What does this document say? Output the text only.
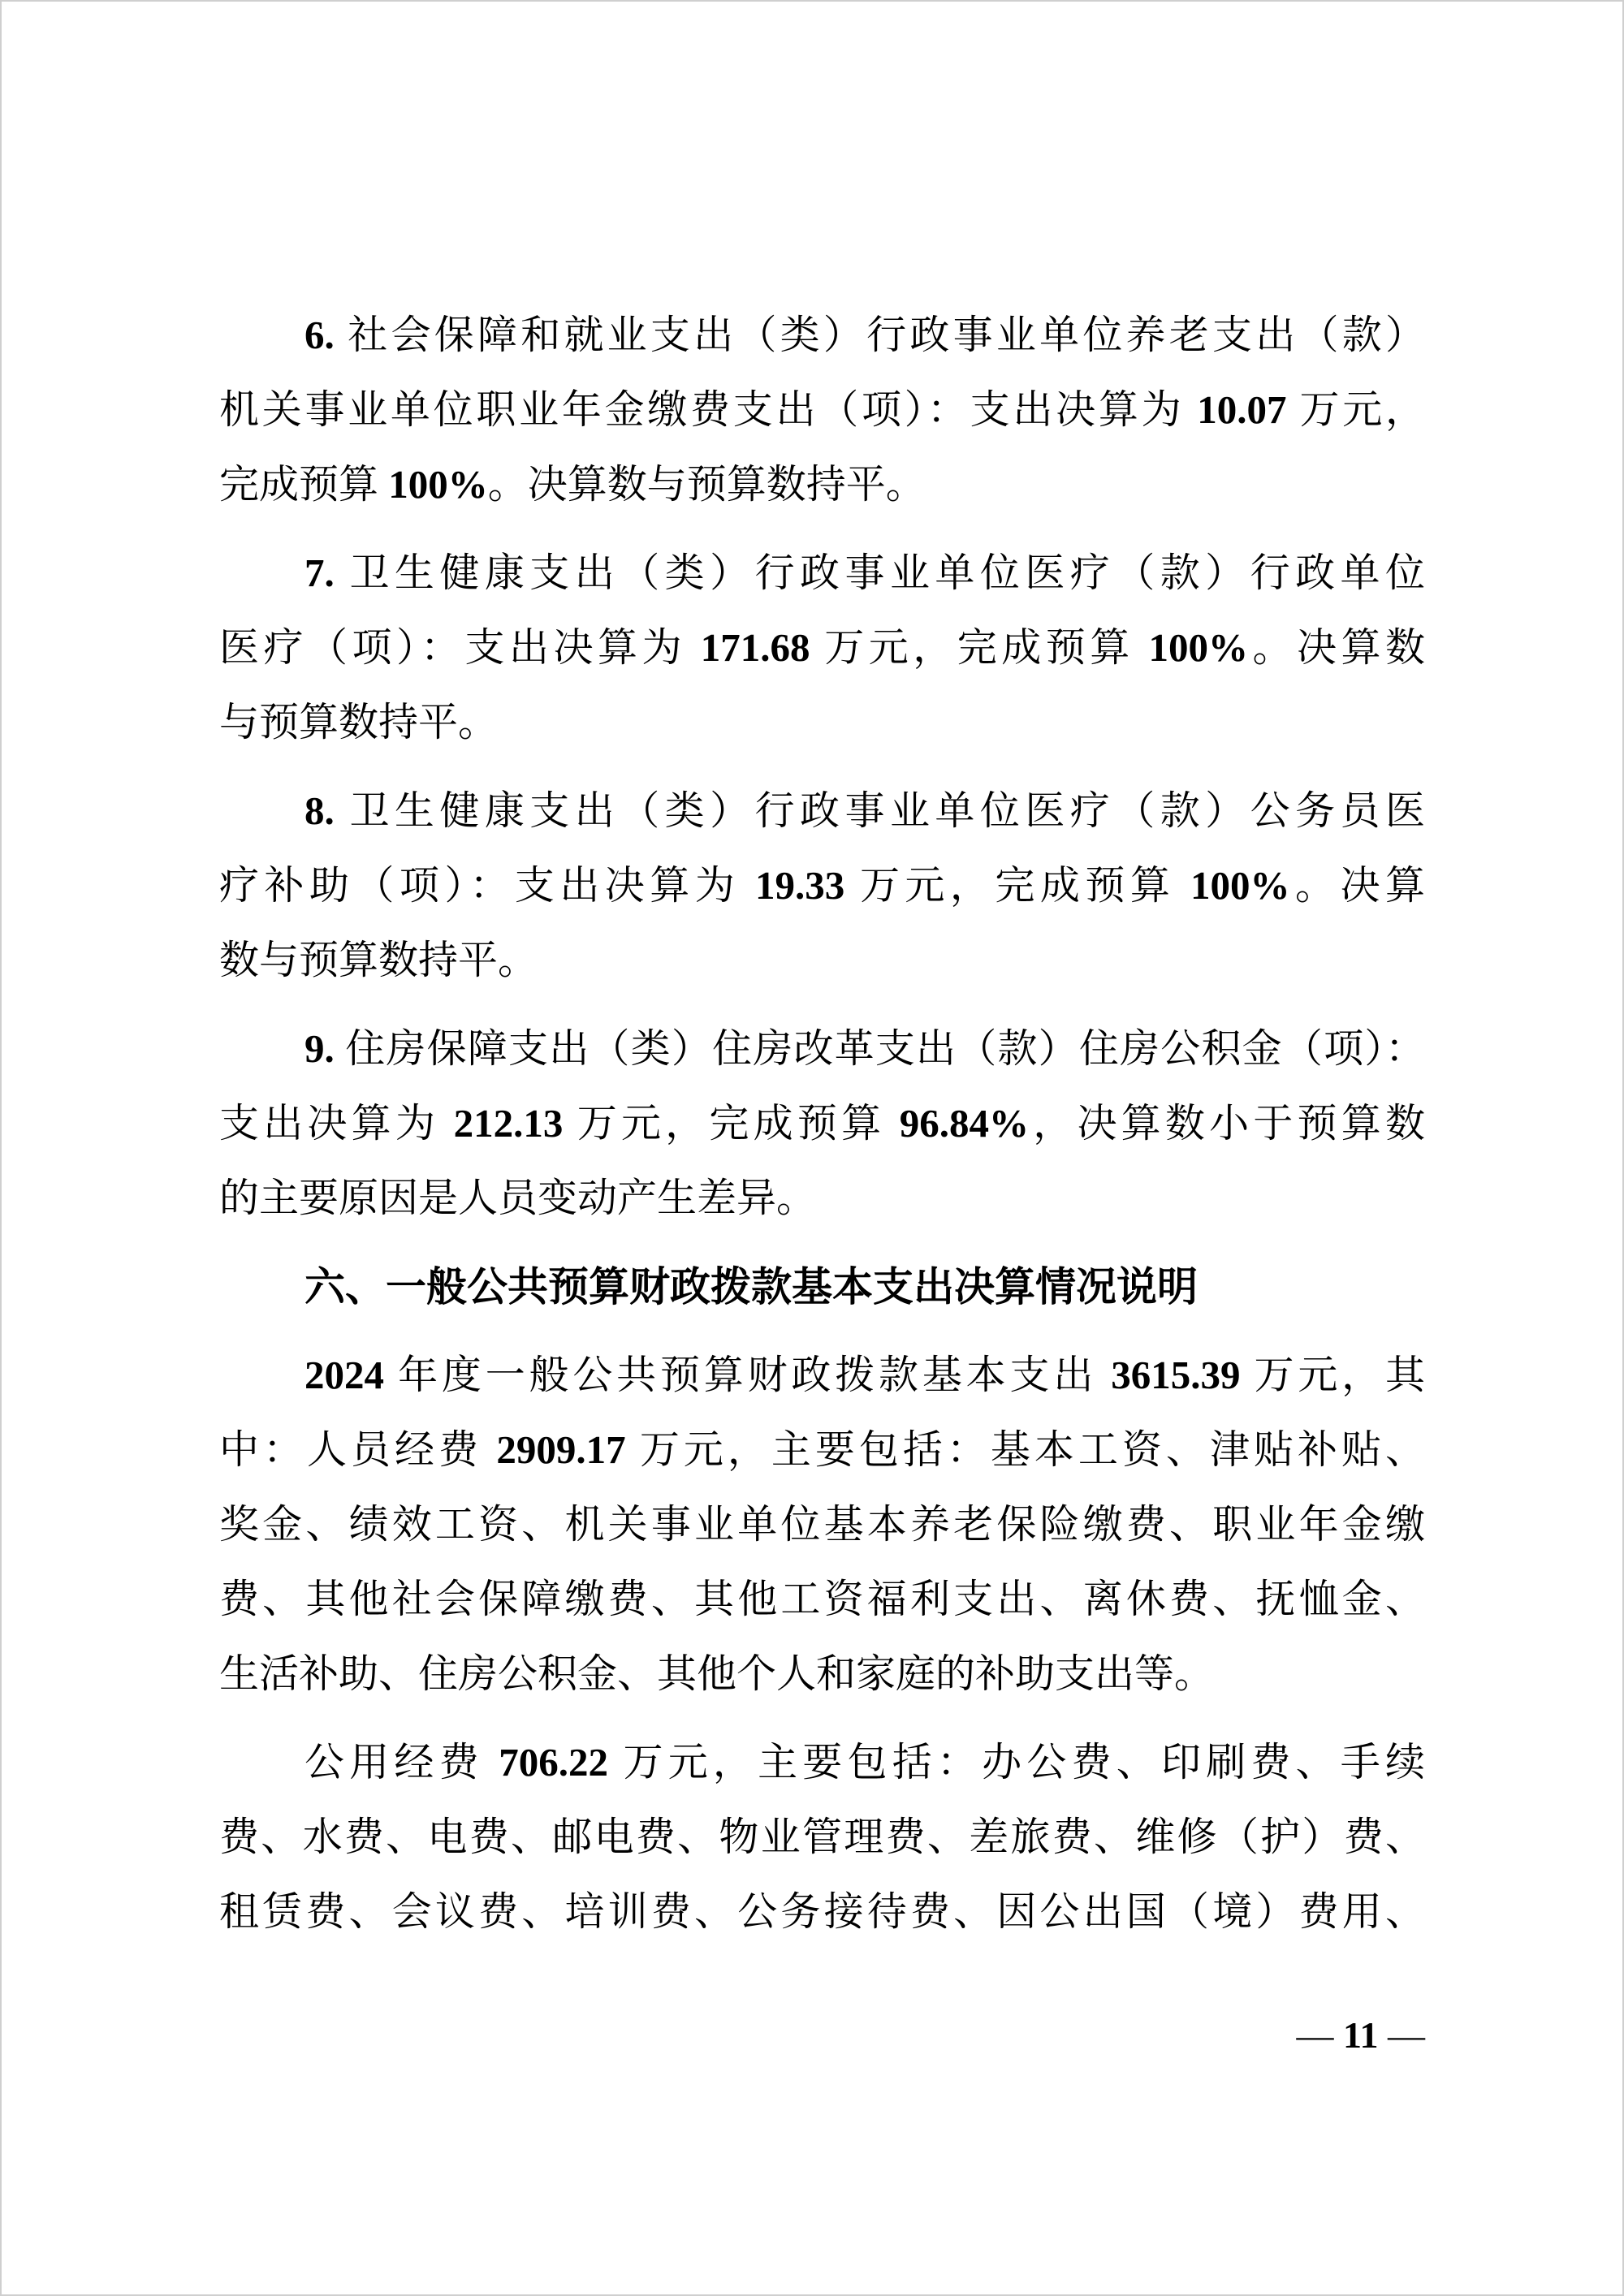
6. 社会保障和就业支出（类）行政事业单位养老支出（款）
机关事业单位职业年金缴费支出（项）：支出决算为 10.07 万元，
完成预算 100%。决算数与预算数持平。

7. 卫生健康支出（类）行政事业单位医疗（款）行政单位
医疗（项）：支出决算为 171.68 万元，完成预算 100%。决算数
与预算数持平。

8. 卫生健康支出（类）行政事业单位医疗（款）公务员医
疗补助（项）：支出决算为 19.33 万元，完成预算 100%。决算
数与预算数持平。

9. 住房保障支出（类）住房改革支出（款）住房公积金（项）：
支出决算为 212.13 万元，完成预算 96.84%，决算数小于预算数
的主要原因是人员变动产生差异。

六、一般公共预算财政拨款基本支出决算情况说明

2024 年度一般公共预算财政拨款基本支出 3615.39 万元，其
中：人员经费 2909.17 万元，主要包括：基本工资、津贴补贴、
奖金、绩效工资、机关事业单位基本养老保险缴费、职业年金缴
费、其他社会保障缴费、其他工资福利支出、离休费、抚恤金、
生活补助、住房公积金、其他个人和家庭的补助支出等。

公用经费 706.22 万元，主要包括：办公费、印刷费、手续
费、水费、电费、邮电费、物业管理费、差旅费、维修（护）费、
租赁费、会议费、培训费、公务接待费、因公出国（境）费用、

— 11 —
